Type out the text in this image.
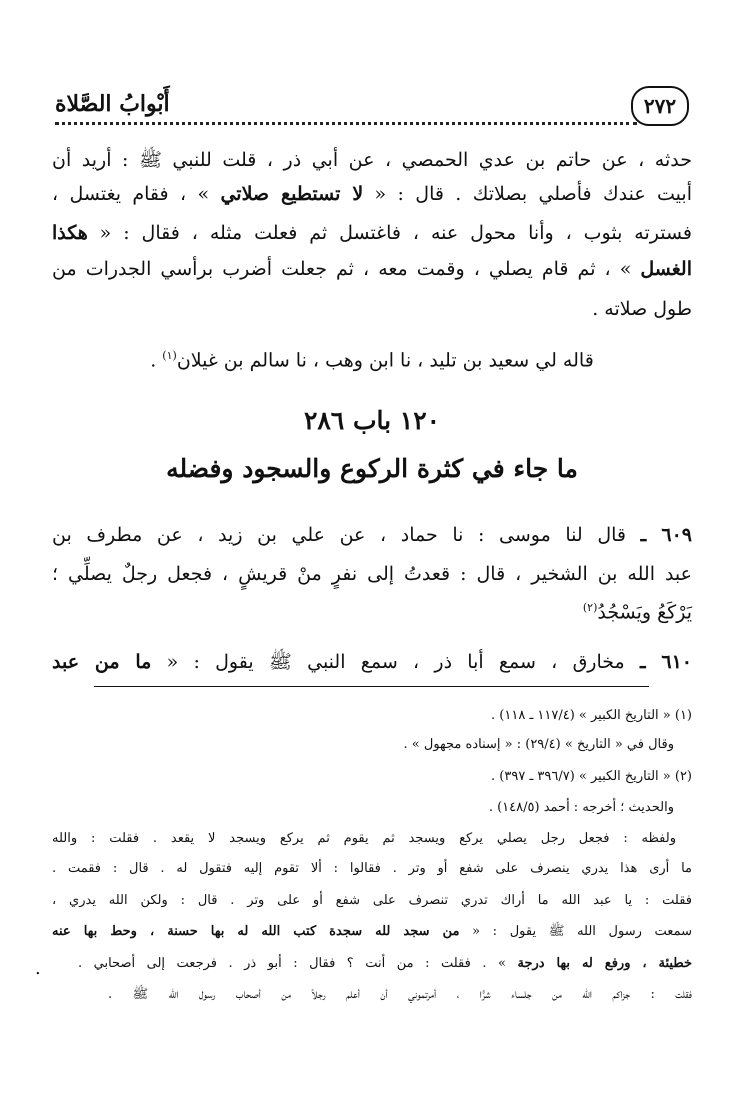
٢٧٢
أَبْوابُ الصَّلاة
حدثه ، عن حاتم بن عدي الحمصي ، عن أبي ذر ، قلت للنبي ﷺ : أريد أن
أبيت عندك فأصلي بصلاتك . قال : « لا تستطيع صلاتي » ، فقام يغتسل ،
فسترته بثوب ، وأنا محول عنه ، فاغتسل ثم فعلت مثله ، فقال : « هكذا
الغسل » ، ثم قام يصلي ، وقمت معه ، ثم جعلت أضرب برأسي الجدرات من
طول صلاته .
قاله لي سعيد بن تليد ، نا ابن وهب ، نا سالم بن غيلان$^{(١)}$ .
١٢٠ باب ٢٨٦
ما جاء في كثرة الركوع والسجود وفضله
٦٠٩ ـ قال لنا موسى : نا حماد ، عن علي بن زيد ، عن مطرف بن
عبد الله بن الشخير ، قال : قعدتُ إلى نفرٍ منْ قريشٍ ، فجعل رجلٌ يصلِّي ؛
يَرْكَعُ ويَسْجُدُ$^{(٢)}$
٦١٠ ـ مخارق ، سمع أبا ذر ، سمع النبي ﷺ يقول : « ما من عبد
(١) « التاريخ الكبير » (١١٧/٤ ـ ١١٨) .
وقال في « التاريخ » (٢٩/٤) : « إسناده مجهول » .
(٢) « التاريخ الكبير » (٣٩٦/٧ ـ ٣٩٧) .
والحديث ؛ أخرجه : أحمد (١٤٨/٥) .
ولفظه : فجعل رجل يصلي يركع ويسجد ثم يقوم ثم يركع ويسجد لا يقعد . فقلت : والله
ما أرى هذا يدري ينصرف على شفع أو وتر . فقالوا : ألا تقوم إليه فتقول له . قال : فقمت .
فقلت : يا عبد الله ما أراك تدري تنصرف على شفع أو على وتر . قال : ولكن الله يدري ،
سمعت رسول الله ﷺ يقول : « من سجد لله سجدة كتب الله له بها حسنة ، وحط بها عنه
خطيئة ، ورفع له بها درجة » . فقلت : من أنت ؟ فقال : أبو ذر . فرجعت إلى أصحابي .
.
فقلت : جزاكم الله من جلساء شرًّا ، أمرتموني أن أعلم رجلاً من أصحاب رسول الله ﷺ .
